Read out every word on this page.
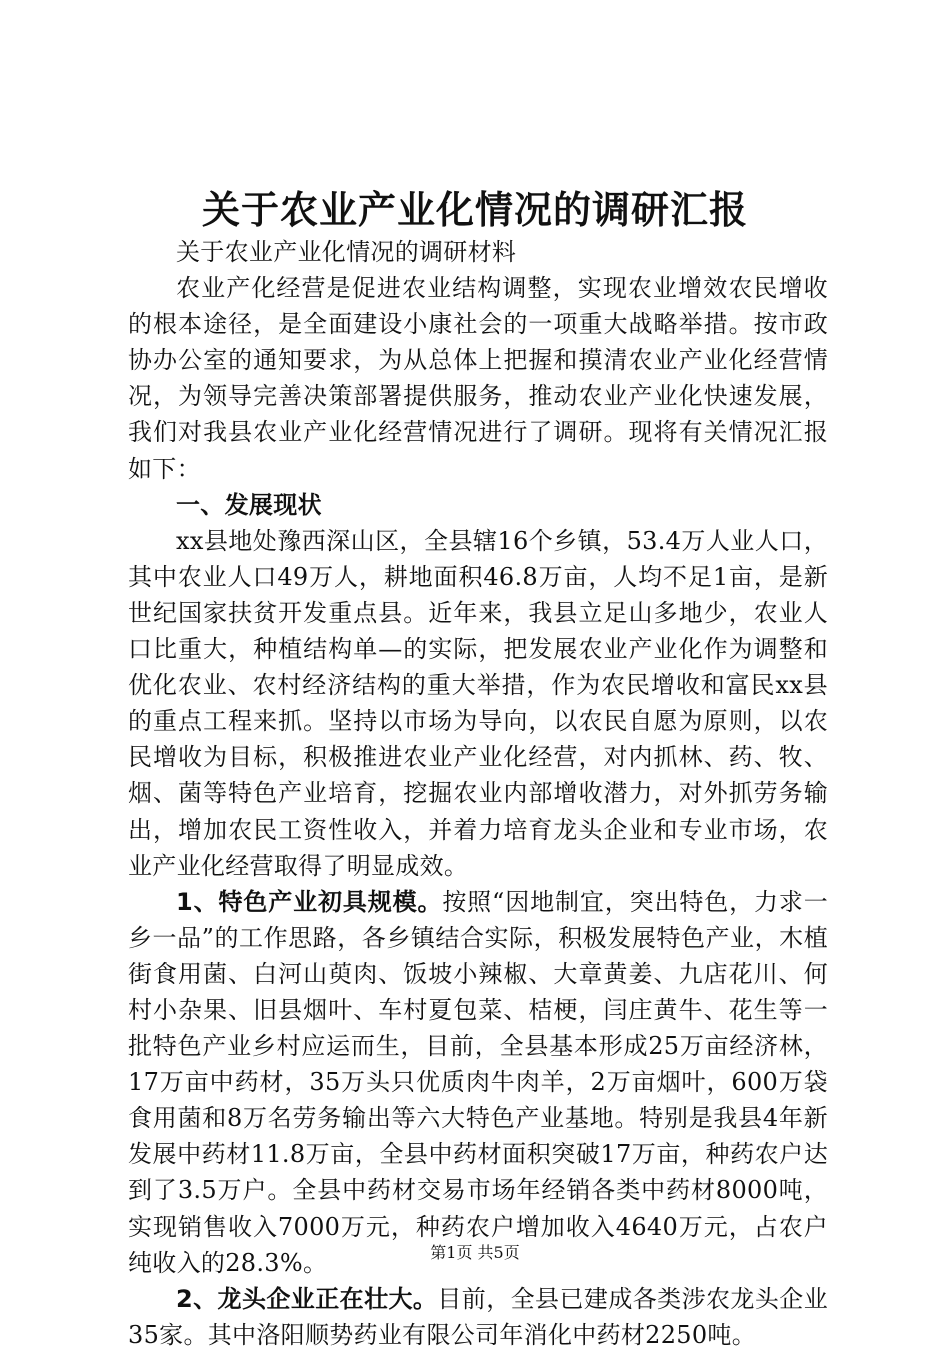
关于农业产业化情况的调研汇报

关于农业产业化情况的调研材料

农业产化经营是促进农业结构调整，实现农业增效农民增收的根本途径，是全面建设小康社会的一项重大战略举措。按市政协办公室的通知要求，为从总体上把握和摸清农业产业化经营情况，为领导完善决策部署提供服务，推动农业产业化快速发展，我们对我县农业产业化经营情况进行了调研。现将有关情况汇报如下：

一、发展现状

xx县地处豫西深山区，全县辖16个乡镇，53.4万人业人口，其中农业人口49万人，耕地面积46.8万亩，人均不足1亩，是新世纪国家扶贫开发重点县。近年来，我县立足山多地少，农业人口比重大，种植结构单—的实际，把发展农业产业化作为调整和优化农业、农村经济结构的重大举措，作为农民增收和富民xx县的重点工程来抓。坚持以市场为导向，以农民自愿为原则，以农民增收为目标，积极推进农业产业化经营，对内抓林、药、牧、烟、菌等特色产业培育，挖掘农业内部增收潜力，对外抓劳务输出，增加农民工资性收入，并着力培育龙头企业和专业市场，农业产业化经营取得了明显成效。

1、特色产业初具规模。按照“因地制宜，突出特色，力求一乡一品”的工作思路，各乡镇结合实际，积极发展特色产业，木植街食用菌、白河山萸肉、饭坡小辣椒、大章黄姜、九店花川、何村小杂果、旧县烟叶、车村夏包菜、桔梗，闫庄黄牛、花生等一批特色产业乡村应运而生，目前，全县基本形成25万亩经济林，17万亩中药材，35万头只优质肉牛肉羊，2万亩烟叶，600万袋食用菌和8万名劳务输出等六大特色产业基地。特别是我县4年新发展中药材11.8万亩，全县中药材面积突破17万亩，种药农户达到了3.5万户。全县中药材交易市场年经销各类中药材8000吨，实现销售收入7000万元，种药农户增加收入4640万元，占农户纯收入的28.3%。

2、龙头企业正在壮大。目前，全县已建成各类涉农龙头企业35家。其中洛阳顺势药业有限公司年消化中药材2250吨。

第1页 共5页
